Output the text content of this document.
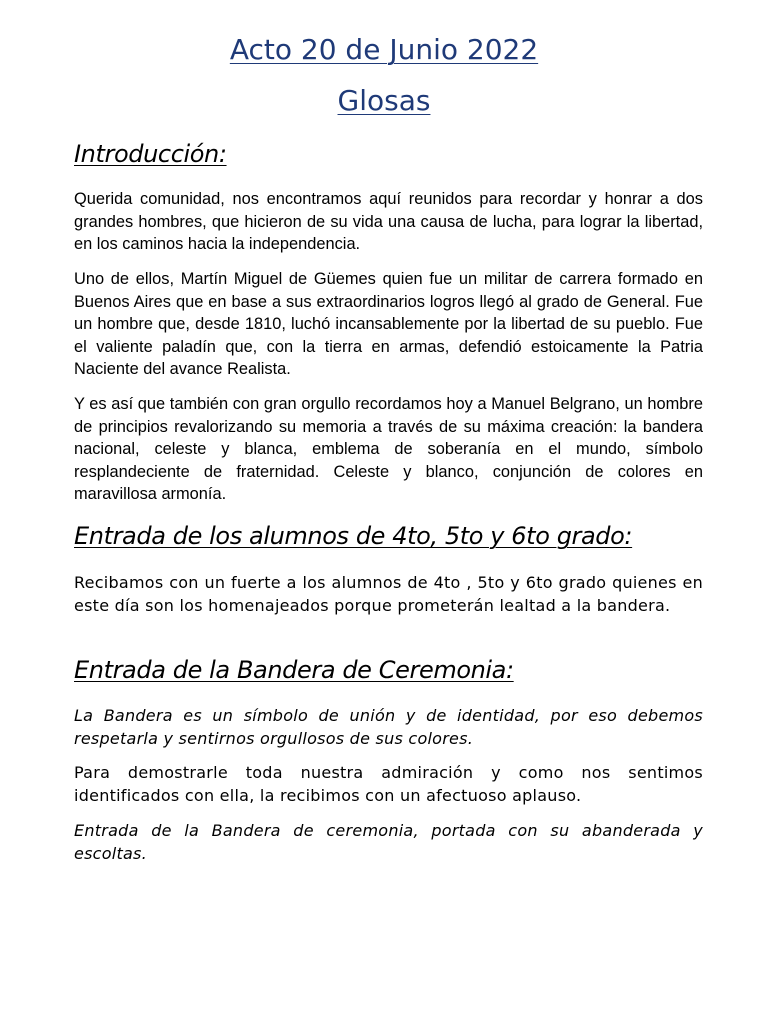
Acto 20 de Junio 2022
Glosas
Introducción:

Querida comunidad, nos encontramos aquí reunidos para recordar y honrar a dos grandes hombres, que hicieron de su vida una causa de lucha, para lograr la libertad, en los caminos hacia la independencia.

Uno de ellos, Martín Miguel de Güemes quien fue un militar de carrera formado en Buenos Aires que en base a sus extraordinarios logros llegó al grado de General. Fue un hombre que, desde 1810, luchó incansablemente por la libertad de su pueblo. Fue el valiente paladín que, con la tierra en armas, defendió estoicamente la Patria Naciente del avance Realista.

Y es así que también con gran orgullo recordamos hoy a Manuel Belgrano, un hombre de principios revalorizando su memoria a través de su máxima creación: la bandera nacional, celeste y blanca, emblema de soberanía en el mundo, símbolo resplandeciente de fraternidad. Celeste y blanco, conjunción de colores en maravillosa armonía.

Entrada de los alumnos de 4to, 5to y 6to grado:

Recibamos con un fuerte a los alumnos de 4to , 5to y 6to grado quienes en este día son los homenajeados porque prometerán lealtad a la bandera.

Entrada de la Bandera de Ceremonia:

La Bandera es un símbolo de unión y de identidad, por eso debemos respetarla y sentirnos orgullosos de sus colores.

Para demostrarle toda nuestra admiración y como nos sentimos identificados con ella, la recibimos con un afectuoso aplauso.

Entrada de la Bandera de ceremonia, portada con su abanderada y escoltas.
